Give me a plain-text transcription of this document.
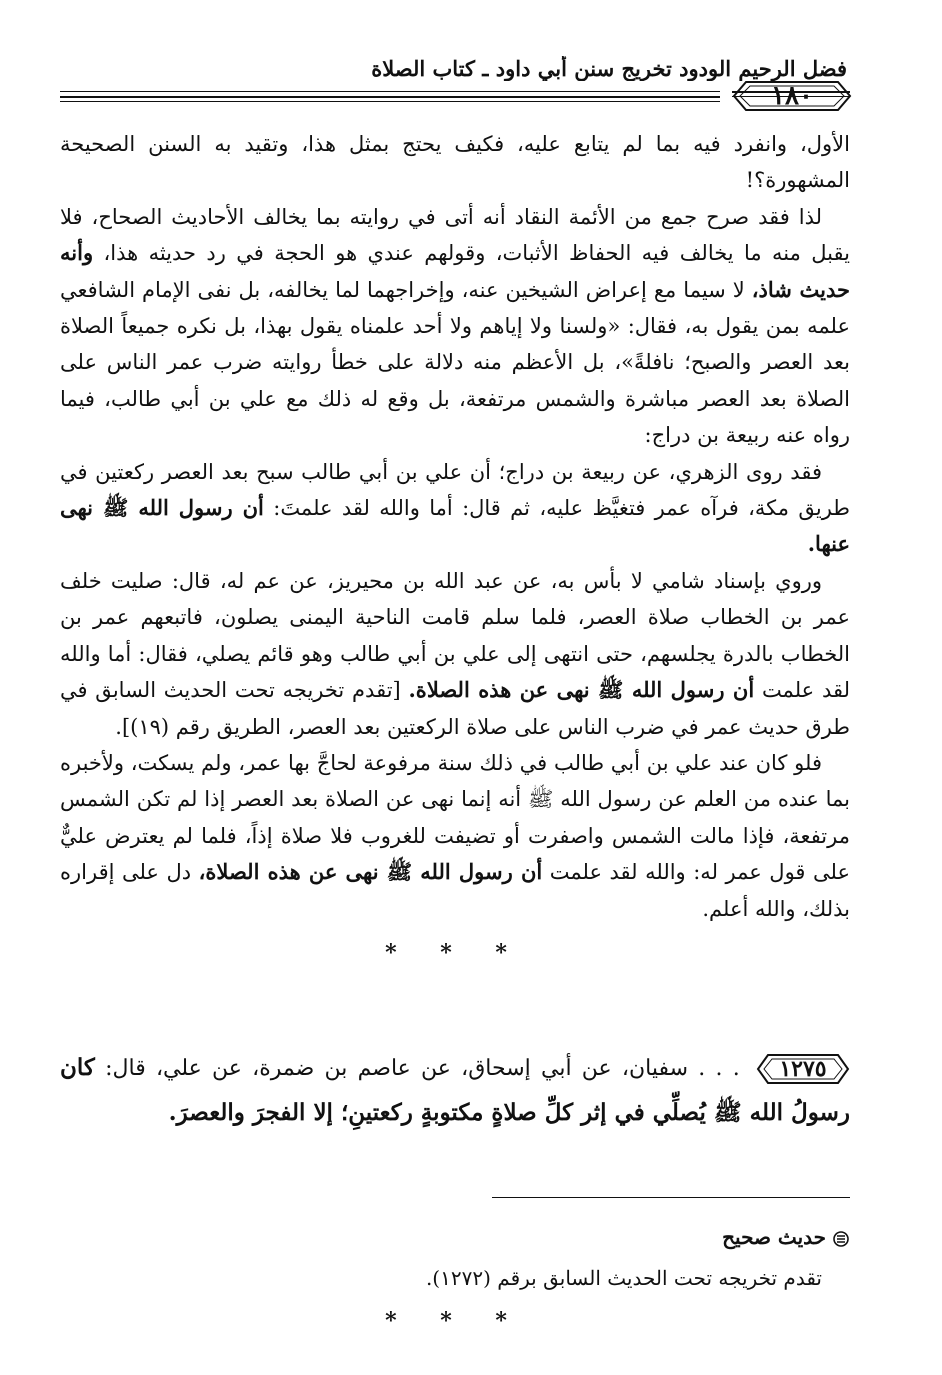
فضل الرحيم الودود تخريج سنن أبي داود ـ كتاب الصلاة
١٨٠

الأول، وانفرد فيه بما لم يتابع عليه، فكيف يحتج بمثل هذا، وتقيد به السنن الصحيحة المشهورة؟!

لذا فقد صرح جمع من الأئمة النقاد أنه أتى في روايته بما يخالف الأحاديث الصحاح، فلا يقبل منه ما يخالف فيه الحفاظ الأثبات، وقولهم عندي هو الحجة في رد حديثه هذا، وأنه حديث شاذ، لا سيما مع إعراض الشيخين عنه، وإخراجهما لما يخالفه، بل نفى الإمام الشافعي علمه بمن يقول به، فقال: «ولسنا ولا إياهم ولا أحد علمناه يقول بهذا، بل نكره جميعاً الصلاة بعد العصر والصبح؛ نافلةً»، بل الأعظم منه دلالة على خطأ روايته ضرب عمر الناس على الصلاة بعد العصر مباشرة والشمس مرتفعة، بل وقع له ذلك مع علي بن أبي طالب، فيما رواه عنه ربيعة بن دراج:

فقد روى الزهري، عن ربيعة بن دراج؛ أن علي بن أبي طالب سبح بعد العصر ركعتين في طريق مكة، فرآه عمر فتغيَّظ عليه، ثم قال: أما والله لقد علمتَ: أن رسول الله ﷺ نهى عنها.

وروي بإسناد شامي لا بأس به، عن عبد الله بن محيريز، عن عم له، قال: صليت خلف عمر بن الخطاب صلاة العصر، فلما سلم قامت الناحية اليمنى يصلون، فاتبعهم عمر بن الخطاب بالدرة يجلسهم، حتى انتهى إلى علي بن أبي طالب وهو قائم يصلي، فقال: أما والله لقد علمت أن رسول الله ﷺ نهى عن هذه الصلاة. [تقدم تخريجه تحت الحديث السابق في طرق حديث عمر في ضرب الناس على صلاة الركعتين بعد العصر، الطريق رقم (١٩)].

فلو كان عند علي بن أبي طالب في ذلك سنة مرفوعة لحاجَّ بها عمر، ولم يسكت، ولأخبره بما عنده من العلم عن رسول الله ﷺ أنه إنما نهى عن الصلاة بعد العصر إذا لم تكن الشمس مرتفعة، فإذا مالت الشمس واصفرت أو تضيفت للغروب فلا صلاة إذاً، فلما لم يعترض عليٌّ على قول عمر له: والله لقد علمت أن رسول الله ﷺ نهى عن هذه الصلاة، دل على إقراره بذلك، والله أعلم.

* * *
١٢٧٥
. . . سفيان، عن أبي إسحاق، عن عاصم بن ضمرة، عن علي، قال: كان رسولُ الله ﷺ يُصلِّي في إثر كلِّ صلاةٍ مكتوبةٍ ركعتينِ؛ إلا الفجرَ والعصرَ.
حديث صحيح
تقدم تخريجه تحت الحديث السابق برقم (١٢٧٢).
* * *
